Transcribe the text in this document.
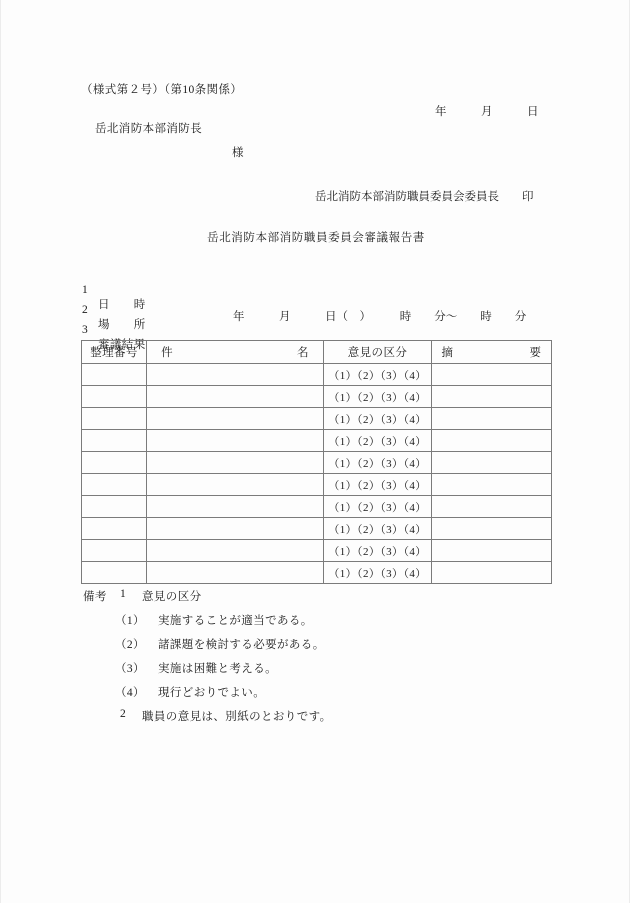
（様式第２号）（第10条関係）
年　　　月　　　日
岳北消防本部消防長
様
岳北消防本部消防職員委員会委員長　　印
岳北消防本部消防職員委員会審議報告書

1

日　　時

年　　　月　　　日（　）　　　時　　分～　　時　　分

2

場　　所

3

審議結果

整理番号	件　　名	意見の区分	摘　　要
		（1）（2）（3）（4）	
		（1）（2）（3）（4）	
		（1）（2）（3）（4）	
		（1）（2）（3）（4）	
		（1）（2）（3）（4）	
		（1）（2）（3）（4）	
		（1）（2）（3）（4）	
		（1）（2）（3）（4）	
		（1）（2）（3）（4）	
		（1）（2）（3）（4）	
備考 1 意見の区分
（1） 実施することが適当である。
（2） 諸課題を検討する必要がある。
（3） 実施は困難と考える。
（4） 現行どおりでよい。
2 職員の意見は、別紙のとおりです。
